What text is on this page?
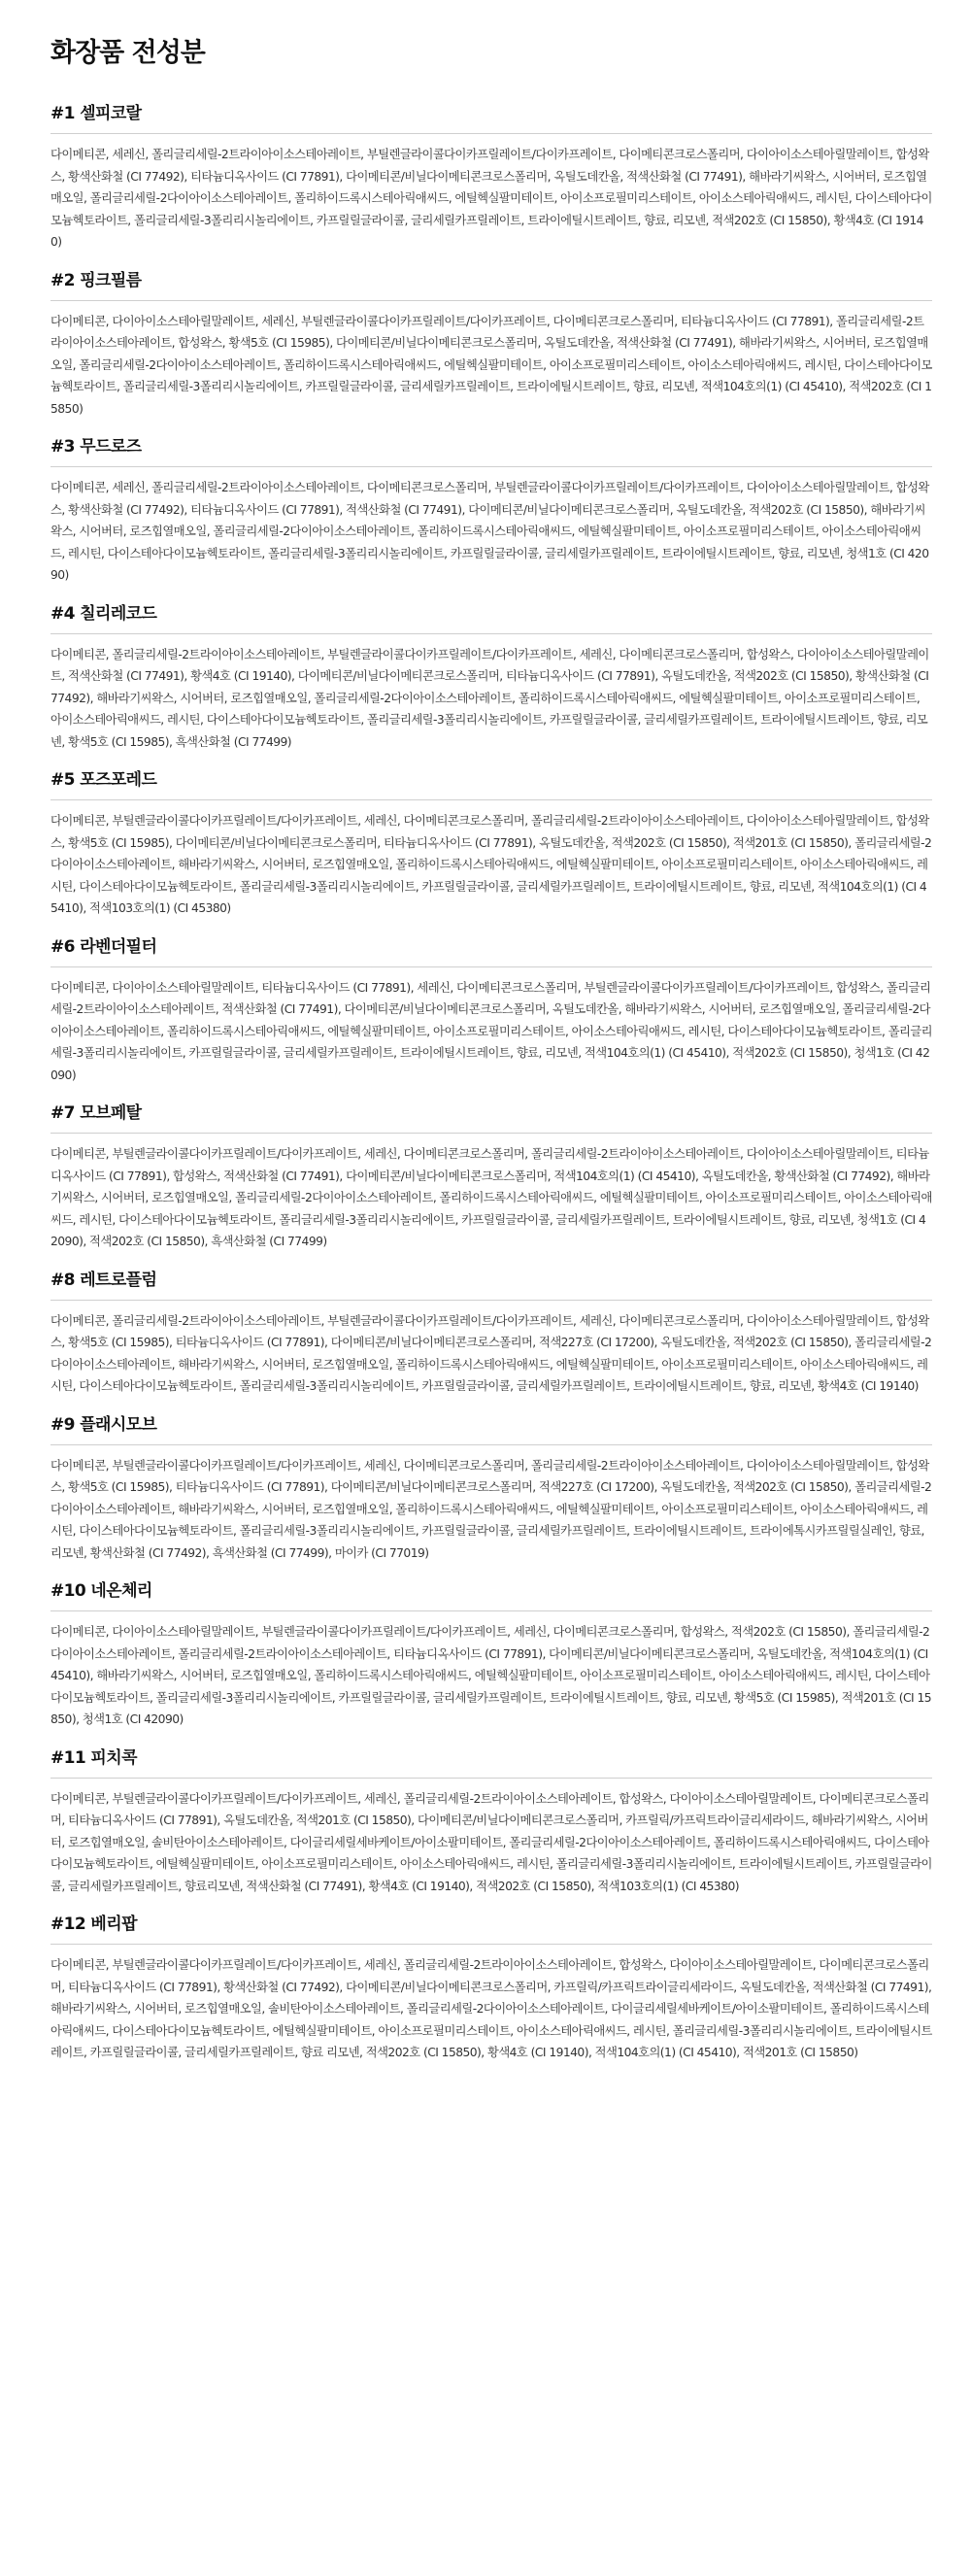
화장품 전성분
#1 셀피코랄

다이메티콘, 세레신, 폴리글리세릴-2트라이아이소스테아레이트, 부틸렌글라이콜다이카프릴레이트/다이카프레이트, 다이메티콘크로스폴리머, 다이아이소스테아릴말레이트, 합성왁스, 황색산화철 (CI 77492), 티타늄디옥사이드 (CI 77891), 다이메티콘/비닐다이메티콘크로스폴리머, 옥틸도데칸올, 적색산화철 (CI 77491), 해바라기씨왁스, 시어버터, 로즈힙열매오일, 폴리글리세릴-2다이아이소스테아레이트, 폴리하이드록시스테아릭애씨드, 에틸헥실팔미테이트, 아이소프로필미리스테이트, 아이소스테아릭애씨드, 레시틴, 다이스테아다이모늄헥토라이트, 폴리글리세릴-3폴리리시놀리에이트, 카프릴릴글라이콜, 글리세릴카프릴레이트, 트라이에틸시트레이트, 향료, 리모넨, 적색202호 (CI 15850), 황색4호 (CI 19140)

#2 핑크필름

다이메티콘, 다이아이소스테아릴말레이트, 세레신, 부틸렌글라이콜다이카프릴레이트/다이카프레이트, 다이메티콘크로스폴리머, 티타늄디옥사이드 (CI 77891), 폴리글리세릴-2트라이아이소스테아레이트, 합성왁스, 황색5호 (CI 15985), 다이메티콘/비닐다이메티콘크로스폴리머, 옥틸도데칸올, 적색산화철 (CI 77491), 해바라기씨왁스, 시어버터, 로즈힙열매오일, 폴리글리세릴-2다이아이소스테아레이트, 폴리하이드록시스테아릭애씨드, 에틸헥실팔미테이트, 아이소프로필미리스테이트, 아이소스테아릭애씨드, 레시틴, 다이스테아다이모늄헥토라이트, 폴리글리세릴-3폴리리시놀리에이트, 카프릴릴글라이콜, 글리세릴카프릴레이트, 트라이에틸시트레이트, 향료, 리모넨, 적색104호의(1) (CI 45410), 적색202호 (CI 15850)

#3 무드로즈

다이메티콘, 세레신, 폴리글리세릴-2트라이아이소스테아레이트, 다이메티콘크로스폴리머, 부틸렌글라이콜다이카프릴레이트/다이카프레이트, 다이아이소스테아릴말레이트, 합성왁스, 황색산화철 (CI 77492), 티타늄디옥사이드 (CI 77891), 적색산화철 (CI 77491), 다이메티콘/비닐다이메티콘크로스폴리머, 옥틸도데칸올, 적색202호 (CI 15850), 해바라기씨왁스, 시어버터, 로즈힙열매오일, 폴리글리세릴-2다이아이소스테아레이트, 폴리하이드록시스테아릭애씨드, 에틸헥실팔미테이트, 아이소프로필미리스테이트, 아이소스테아릭애씨드, 레시틴, 다이스테아다이모늄헥토라이트, 폴리글리세릴-3폴리리시놀리에이트, 카프릴릴글라이콜, 글리세릴카프릴레이트, 트라이에틸시트레이트, 향료, 리모넨, 청색1호 (CI 42090)

#4 칠리레코드

다이메티콘, 폴리글리세릴-2트라이아이소스테아레이트, 부틸렌글라이콜다이카프릴레이트/다이카프레이트, 세레신, 다이메티콘크로스폴리머, 합성왁스, 다이아이소스테아릴말레이트, 적색산화철 (CI 77491), 황색4호 (CI 19140), 다이메티콘/비닐다이메티콘크로스폴리머, 티타늄디옥사이드 (CI 77891), 옥틸도데칸올, 적색202호 (CI 15850), 황색산화철 (CI 77492), 해바라기씨왁스, 시어버터, 로즈힙열매오일, 폴리글리세릴-2다이아이소스테아레이트, 폴리하이드록시스테아릭애씨드, 에틸헥실팔미테이트, 아이소프로필미리스테이트, 아이소스테아릭애씨드, 레시틴, 다이스테아다이모늄헥토라이트, 폴리글리세릴-3폴리리시놀리에이트, 카프릴릴글라이콜, 글리세릴카프릴레이트, 트라이에틸시트레이트, 향료, 리모넨, 황색5호 (CI 15985), 흑색산화철 (CI 77499)

#5 포즈포레드

다이메티콘, 부틸렌글라이콜다이카프릴레이트/다이카프레이트, 세레신, 다이메티콘크로스폴리머, 폴리글리세릴-2트라이아이소스테아레이트, 다이아이소스테아릴말레이트, 합성왁스, 황색5호 (CI 15985), 다이메티콘/비닐다이메티콘크로스폴리머, 티타늄디옥사이드 (CI 77891), 옥틸도데칸올, 적색202호 (CI 15850), 적색201호 (CI 15850), 폴리글리세릴-2다이아이소스테아레이트, 해바라기씨왁스, 시어버터, 로즈힙열매오일, 폴리하이드록시스테아릭애씨드, 에틸헥실팔미테이트, 아이소프로필미리스테이트, 아이소스테아릭애씨드, 레시틴, 다이스테아다이모늄헥토라이트, 폴리글리세릴-3폴리리시놀리에이트, 카프릴릴글라이콜, 글리세릴카프릴레이트, 트라이에틸시트레이트, 향료, 리모넨, 적색104호의(1) (CI 45410), 적색103호의(1) (CI 45380)

#6 라벤더필터

다이메티콘, 다이아이소스테아릴말레이트, 티타늄디옥사이드 (CI 77891), 세레신, 다이메티콘크로스폴리머, 부틸렌글라이콜다이카프릴레이트/다이카프레이트, 합성왁스, 폴리글리세릴-2트라이아이소스테아레이트, 적색산화철 (CI 77491), 다이메티콘/비닐다이메티콘크로스폴리머, 옥틸도데칸올, 해바라기씨왁스, 시어버터, 로즈힙열매오일, 폴리글리세릴-2다이아이소스테아레이트, 폴리하이드록시스테아릭애씨드, 에틸헥실팔미테이트, 아이소프로필미리스테이트, 아이소스테아릭애씨드, 레시틴, 다이스테아다이모늄헥토라이트, 폴리글리세릴-3폴리리시놀리에이트, 카프릴릴글라이콜, 글리세릴카프릴레이트, 트라이에틸시트레이트, 향료, 리모넨, 적색104호의(1) (CI 45410), 적색202호 (CI 15850), 청색1호 (CI 42090)

#7 모브페탈

다이메티콘, 부틸렌글라이콜다이카프릴레이트/다이카프레이트, 세레신, 다이메티콘크로스폴리머, 폴리글리세릴-2트라이아이소스테아레이트, 다이아이소스테아릴말레이트, 티타늄디옥사이드 (CI 77891), 합성왁스, 적색산화철 (CI 77491), 다이메티콘/비닐다이메티콘크로스폴리머, 적색104호의(1) (CI 45410), 옥틸도데칸올, 황색산화철 (CI 77492), 해바라기씨왁스, 시어버터, 로즈힙열매오일, 폴리글리세릴-2다이아이소스테아레이트, 폴리하이드록시스테아릭애씨드, 에틸헥실팔미테이트, 아이소프로필미리스테이트, 아이소스테아릭애씨드, 레시틴, 다이스테아다이모늄헥토라이트, 폴리글리세릴-3폴리리시놀리에이트, 카프릴릴글라이콜, 글리세릴카프릴레이트, 트라이에틸시트레이트, 향료, 리모넨, 청색1호 (CI 42090), 적색202호 (CI 15850), 흑색산화철 (CI 77499)

#8 레트로플럼

다이메티콘, 폴리글리세릴-2트라이아이소스테아레이트, 부틸렌글라이콜다이카프릴레이트/다이카프레이트, 세레신, 다이메티콘크로스폴리머, 다이아이소스테아릴말레이트, 합성왁스, 황색5호 (CI 15985), 티타늄디옥사이드 (CI 77891), 다이메티콘/비닐다이메티콘크로스폴리머, 적색227호 (CI 17200), 옥틸도데칸올, 적색202호 (CI 15850), 폴리글리세릴-2다이아이소스테아레이트, 해바라기씨왁스, 시어버터, 로즈힙열매오일, 폴리하이드록시스테아릭애씨드, 에틸헥실팔미테이트, 아이소프로필미리스테이트, 아이소스테아릭애씨드, 레시틴, 다이스테아다이모늄헥토라이트, 폴리글리세릴-3폴리리시놀리에이트, 카프릴릴글라이콜, 글리세릴카프릴레이트, 트라이에틸시트레이트, 향료, 리모넨, 황색4호 (CI 19140)

#9 플래시모브

다이메티콘, 부틸렌글라이콜다이카프릴레이트/다이카프레이트, 세레신, 다이메티콘크로스폴리머, 폴리글리세릴-2트라이아이소스테아레이트, 다이아이소스테아릴말레이트, 합성왁스, 황색5호 (CI 15985), 티타늄디옥사이드 (CI 77891), 다이메티콘/비닐다이메티콘크로스폴리머, 적색227호 (CI 17200), 옥틸도데칸올, 적색202호 (CI 15850), 폴리글리세릴-2다이아이소스테아레이트, 해바라기씨왁스, 시어버터, 로즈힙열매오일, 폴리하이드록시스테아릭애씨드, 에틸헥실팔미테이트, 아이소프로필미리스테이트, 아이소스테아릭애씨드, 레시틴, 다이스테아다이모늄헥토라이트, 폴리글리세릴-3폴리리시놀리에이트, 카프릴릴글라이콜, 글리세릴카프릴레이트, 트라이에틸시트레이트, 트라이에톡시카프릴릴실레인, 향료, 리모넨, 황색산화철 (CI 77492), 흑색산화철 (CI 77499), 마이카 (CI 77019)

#10 네온체리

다이메티콘, 다이아이소스테아릴말레이트, 부틸렌글라이콜다이카프릴레이트/다이카프레이트, 세레신, 다이메티콘크로스폴리머, 합성왁스, 적색202호 (CI 15850), 폴리글리세릴-2다이아이소스테아레이트, 폴리글리세릴-2트라이아이소스테아레이트, 티타늄디옥사이드 (CI 77891), 다이메티콘/비닐다이메티콘크로스폴리머, 옥틸도데칸올, 적색104호의(1) (CI 45410), 해바라기씨왁스, 시어버터, 로즈힙열매오일, 폴리하이드록시스테아릭애씨드, 에틸헥실팔미테이트, 아이소프로필미리스테이트, 아이소스테아릭애씨드, 레시틴, 다이스테아다이모늄헥토라이트, 폴리글리세릴-3폴리리시놀리에이트, 카프릴릴글라이콜, 글리세릴카프릴레이트, 트라이에틸시트레이트, 향료, 리모넨, 황색5호 (CI 15985), 적색201호 (CI 15850), 청색1호 (CI 42090)

#11 피치콕

다이메티콘, 부틸렌글라이콜다이카프릴레이트/다이카프레이트, 세레신, 폴리글리세릴-2트라이아이소스테아레이트, 합성왁스, 다이아이소스테아릴말레이트, 다이메티콘크로스폴리머, 티타늄디옥사이드 (CI 77891), 옥틸도데칸올, 적색201호 (CI 15850), 다이메티콘/비닐다이메티콘크로스폴리머, 카프릴릭/카프릭트라이글리세라이드, 해바라기씨왁스, 시어버터, 로즈힙열매오일, 솔비탄아이소스테아레이트, 다이글리세릴세바케이트/아이소팔미테이트, 폴리글리세릴-2다이아이소스테아레이트, 폴리하이드록시스테아릭애씨드, 다이스테아다이모늄헥토라이트, 에틸헥실팔미테이트, 아이소프로필미리스테이트, 아이소스테아릭애씨드, 레시틴, 폴리글리세릴-3폴리리시놀리에이트, 트라이에틸시트레이트, 카프릴릴글라이콜, 글리세릴카프릴레이트, 향료리모넨, 적색산화철 (CI 77491), 황색4호 (CI 19140), 적색202호 (CI 15850), 적색103호의(1) (CI 45380)

#12 베리팝

다이메티콘, 부틸렌글라이콜다이카프릴레이트/다이카프레이트, 세레신, 폴리글리세릴-2트라이아이소스테아레이트, 합성왁스, 다이아이소스테아릴말레이트, 다이메티콘크로스폴리머, 티타늄디옥사이드 (CI 77891), 황색산화철 (CI 77492), 다이메티콘/비닐다이메티콘크로스폴리머, 카프릴릭/카프릭트라이글리세라이드, 옥틸도데칸올, 적색산화철 (CI 77491), 해바라기씨왁스, 시어버터, 로즈힙열매오일, 솔비탄아이소스테아레이트, 폴리글리세릴-2다이아이소스테아레이트, 다이글리세릴세바케이트/아이소팔미테이트, 폴리하이드록시스테아릭애씨드, 다이스테아다이모늄헥토라이트, 에틸헥실팔미테이트, 아이소프로필미리스테이트, 아이소스테아릭애씨드, 레시틴, 폴리글리세릴-3폴리리시놀리에이트, 트라이에틸시트레이트, 카프릴릴글라이콜, 글리세릴카프릴레이트, 향료 리모넨, 적색202호 (CI 15850), 황색4호 (CI 19140), 적색104호의(1) (CI 45410), 적색201호 (CI 15850)
